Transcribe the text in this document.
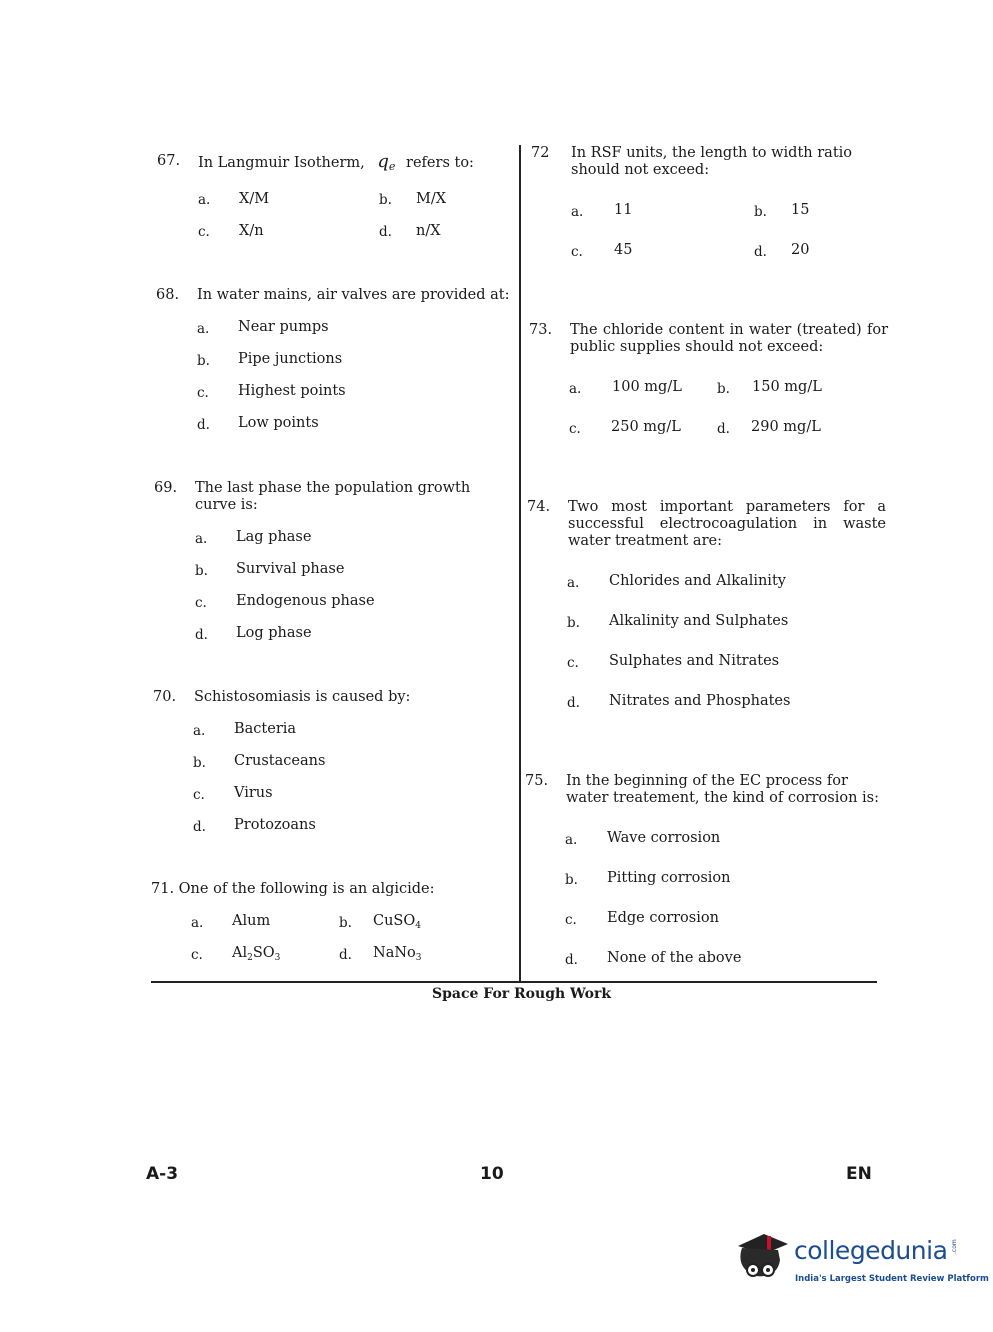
67. In Langmuir Isotherm, $q_e$ refers to:
a. X/M	b. M/X
c. X/n	d. n/X
68. In water mains, air valves are provided at:
a. Near pumps
b. Pipe junctions
c. Highest points
d. Low points
69. The last phase the population growth curve is:
a. Lag phase
b. Survival phase
c. Endogenous phase
d. Log phase
70. Schistosomiasis is caused by:
a. Bacteria
b. Crustaceans
c. Virus
d. Protozoans
71. One of the following is an algicide:
a. Alum	b. CuSO$_4$
c. $Al_2SO_3$	d. NaNo$_3$
72 In RSF units, the length to width ratio should not exceed:
a. 11	b. 15
c. 45	d. 20
73. The chloride content in water (treated) for public supplies should not exceed:
a. 100 mg/L	b. 150 mg/L
c. 250 mg/L	d. 290 mg/L
74. Two most important parameters for a successful electrocoagulation in waste water treatment are:
a. Chlorides and Alkalinity
b. Alkalinity and Sulphates
c. Sulphates and Nitrates
d. Nitrates and Phosphates
75. In the beginning of the EC process for water treatement, the kind of corrosion is:
a. Wave corrosion
b. Pitting corrosion
c. Edge corrosion
d. None of the above
Space For Rough Work
A-3	10	EN
collegedunia .com
India's Largest Student Review Platform
